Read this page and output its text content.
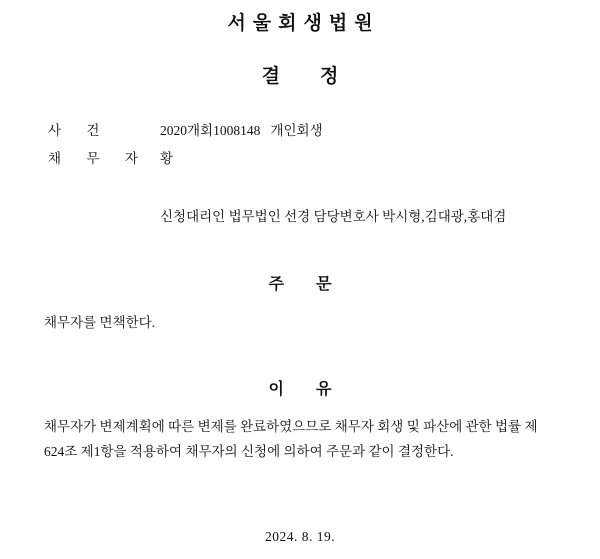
서울회생법원
결정
사 건	2020개회1008148   개인회생
채 무 자 황
신청대리인 법무법인 선경 담당변호사 박시형,김대광,홍대겸
주문
채무자를 면책한다.
이유
채무자가 변제계획에 따른 변제를 완료하였으므로 채무자 회생 및 파산에 관한 법률 제624조 제1항을 적용하여 채무자의 신청에 의하여 주문과 같이 결정한다.
2024. 8. 19.
